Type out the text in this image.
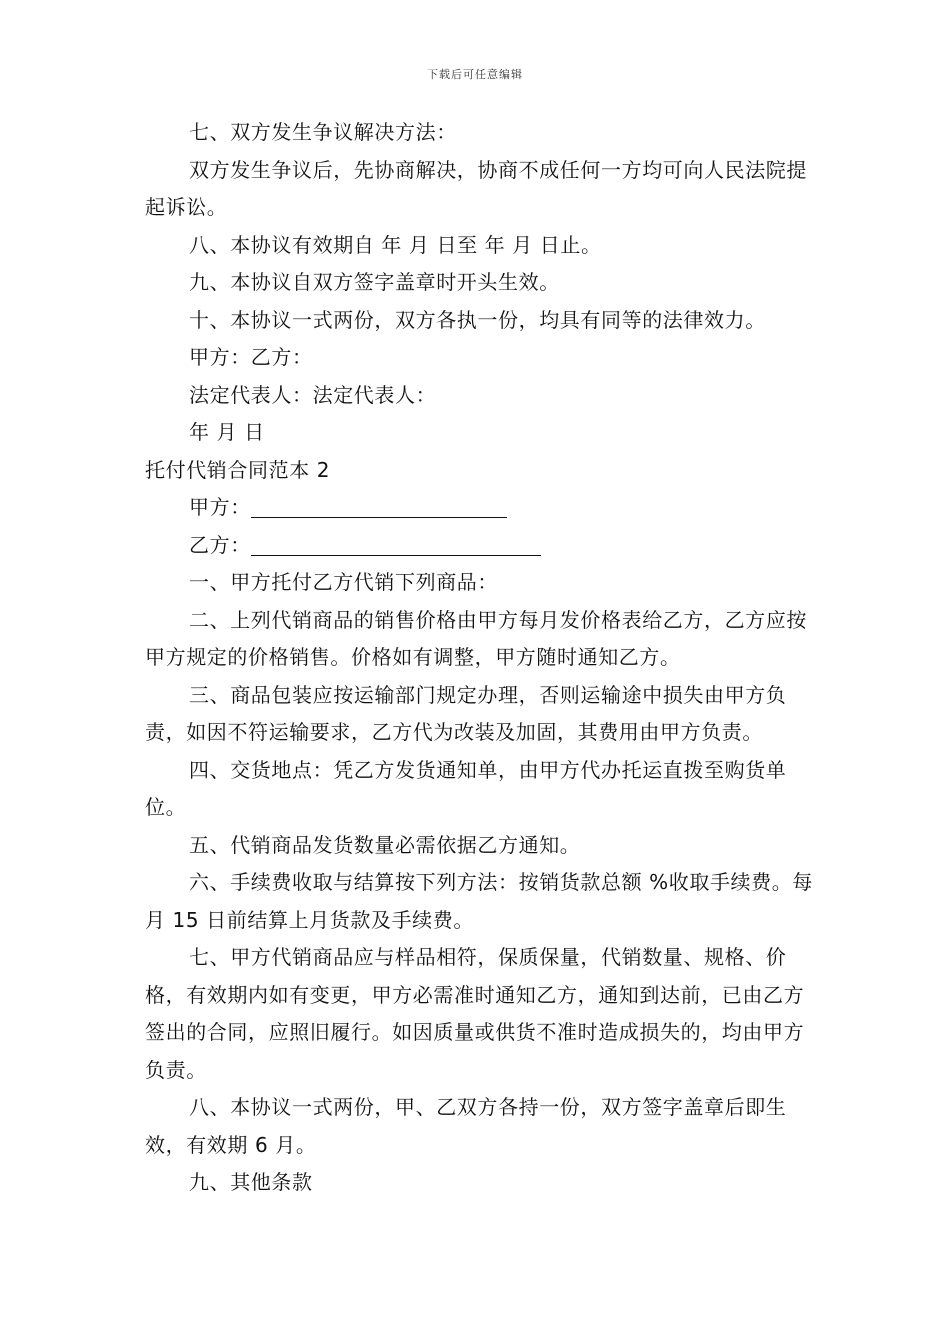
下载后可任意编辑

七、双方发生争议解决方法：

双方发生争议后，先协商解决，协商不成任何一方均可向人民法院提起诉讼。

八、本协议有效期自 年 月 日至 年 月 日止。

九、本协议自双方签字盖章时开头生效。

十、本协议一式两份，双方各执一份，均具有同等的法律效力。

甲方：乙方：

法定代表人：法定代表人：

年 月 日

托付代销合同范本 2

甲方：

乙方：

一、甲方托付乙方代销下列商品：

二、上列代销商品的销售价格由甲方每月发价格表给乙方，乙方应按甲方规定的价格销售。价格如有调整，甲方随时通知乙方。

三、商品包装应按运输部门规定办理，否则运输途中损失由甲方负责，如因不符运输要求，乙方代为改装及加固，其费用由甲方负责。

四、交货地点：凭乙方发货通知单，由甲方代办托运直拨至购货单位。

五、代销商品发货数量必需依据乙方通知。

六、手续费收取与结算按下列方法：按销货款总额 %收取手续费。每月 15 日前结算上月货款及手续费。

七、甲方代销商品应与样品相符，保质保量，代销数量、规格、价格，有效期内如有变更，甲方必需准时通知乙方，通知到达前，已由乙方签出的合同，应照旧履行。如因质量或供货不准时造成损失的，均由甲方负责。

八、本协议一式两份，甲、乙双方各持一份，双方签字盖章后即生效，有效期 6 月。

九、其他条款
